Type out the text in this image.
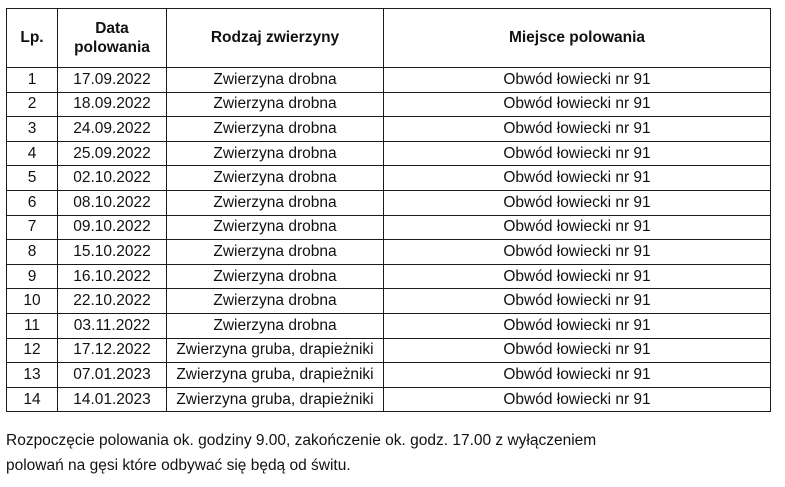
Lp.	Data polowania	Rodzaj zwierzyny	Miejsce polowania
1	17.09.2022	Zwierzyna drobna	Obwód łowiecki nr 91
2	18.09.2022	Zwierzyna drobna	Obwód łowiecki nr 91
3	24.09.2022	Zwierzyna drobna	Obwód łowiecki nr 91
4	25.09.2022	Zwierzyna drobna	Obwód łowiecki nr 91
5	02.10.2022	Zwierzyna drobna	Obwód łowiecki nr 91
6	08.10.2022	Zwierzyna drobna	Obwód łowiecki nr 91
7	09.10.2022	Zwierzyna drobna	Obwód łowiecki nr 91
8	15.10.2022	Zwierzyna drobna	Obwód łowiecki nr 91
9	16.10.2022	Zwierzyna drobna	Obwód łowiecki nr 91
10	22.10.2022	Zwierzyna drobna	Obwód łowiecki nr 91
11	03.11.2022	Zwierzyna drobna	Obwód łowiecki nr 91
12	17.12.2022	Zwierzyna gruba, drapieżniki	Obwód łowiecki nr 91
13	07.01.2023	Zwierzyna gruba, drapieżniki	Obwód łowiecki nr 91
14	14.01.2023	Zwierzyna gruba, drapieżniki	Obwód łowiecki nr 91
Rozpoczęcie polowania ok. godziny 9.00, zakończenie ok. godz. 17.00 z wyłączeniem
polowań na gęsi które odbywać się będą od świtu.
